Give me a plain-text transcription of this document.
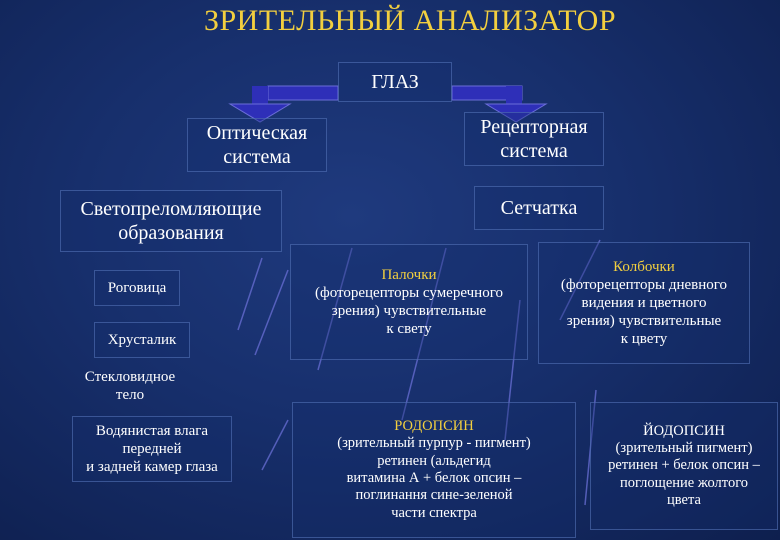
ЗРИТЕЛЬНЫЙ АНАЛИЗАТОР
ГЛАЗ
Оптическая
система
Рецепторная
система
Светопреломляющие
образования
Сетчатка
Роговица
Хрусталик
Стекловидное
тело
Водянистая влага
передней
и задней камер глаза
Палочки
(фоторецепторы сумеречного
зрения) чувствительные
к свету
Колбочки
(фоторецепторы дневного
видения и цветного
зрения) чувствительные
к цвету
РОДОПСИН
(зрительный пурпур - пигмент)
ретинен (альдегид
витамина А + белок опсин –
поглинання сине-зеленой
части спектра
ЙОДОПСИН
(зрительный пигмент)
ретинен + белок опсин –
поглощение жолтого
цвета
